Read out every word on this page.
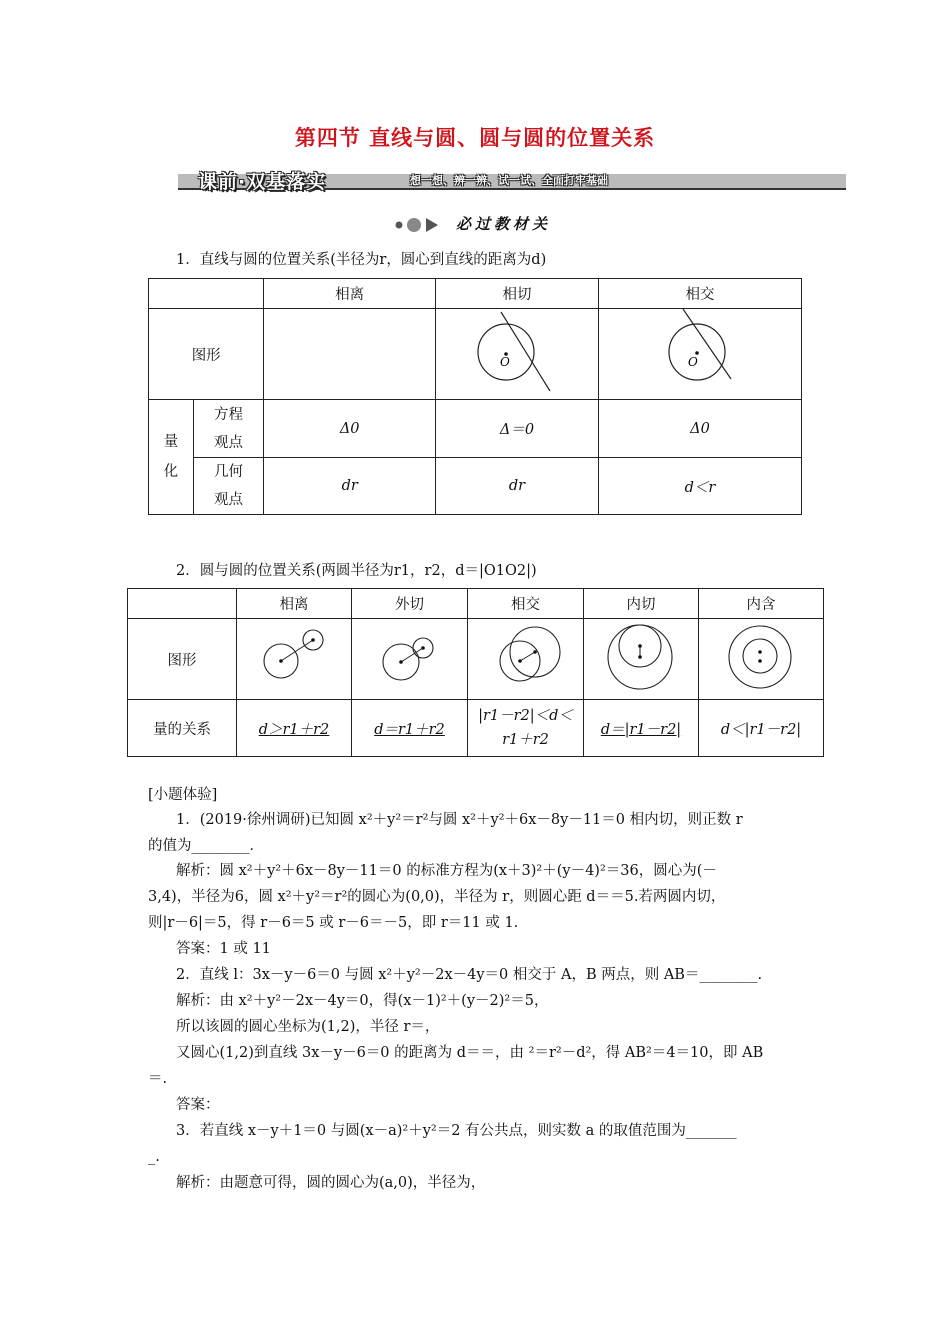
第四节 直线与圆、圆与圆的位置关系
课前·双基落实	想一想、辨一辨、试一试、全面打牢基础
必过教材关
1．直线与圆的位置关系(半径为r，圆心到直线的距离为d)
		相离	相切	相交
图形			O	O

量化	方程观点	Δ0	Δ＝0	Δ0
	几何观点	dr	dr	d＜r
2．圆与圆的位置关系(两圆半径为r1，r2，d＝|O1O2|)
	相离	外切	相交	内切	内含
图形					
量的关系	d＞r1＋r2	d＝r1＋r2	|r1－r2|＜d＜r1＋r2	d＝|r1－r2|	d＜|r1－r2|
[小题体验]
1．(2019·徐州调研)已知圆 x²＋y²＝r²与圆 x²＋y²＋6x－8y－11＝0 相内切，则正数 r
的值为________．
解析：圆 x²＋y²＋6x－8y－11＝0 的标准方程为(x＋3)²＋(y－4)²＝36，圆心为(－
3,4)，半径为6，圆 x²＋y²＝r²的圆心为(0,0)，半径为 r，则圆心距 d＝＝5.若两圆内切，
则|r－6|＝5，得 r－6＝5 或 r－6＝－5，即 r＝11 或 1.
答案：1 或 11
2．直线 l：3x－y－6＝0 与圆 x²＋y²－2x－4y＝0 相交于 A，B 两点，则 AB＝________.
解析：由 x²＋y²－2x－4y＝0，得(x－1)²＋(y－2)²＝5，
所以该圆的圆心坐标为(1,2)，半径 r＝，
又圆心(1,2)到直线 3x－y－6＝0 的距离为 d＝＝，由 ²＝r²－d²，得 AB²＝4＝10，即 AB
＝.
答案：
3．若直线 x－y＋1＝0 与圆(x－a)²＋y²＝2 有公共点，则实数 a 的取值范围为_______
_.
解析：由题意可得，圆的圆心为(a,0)，半径为，
